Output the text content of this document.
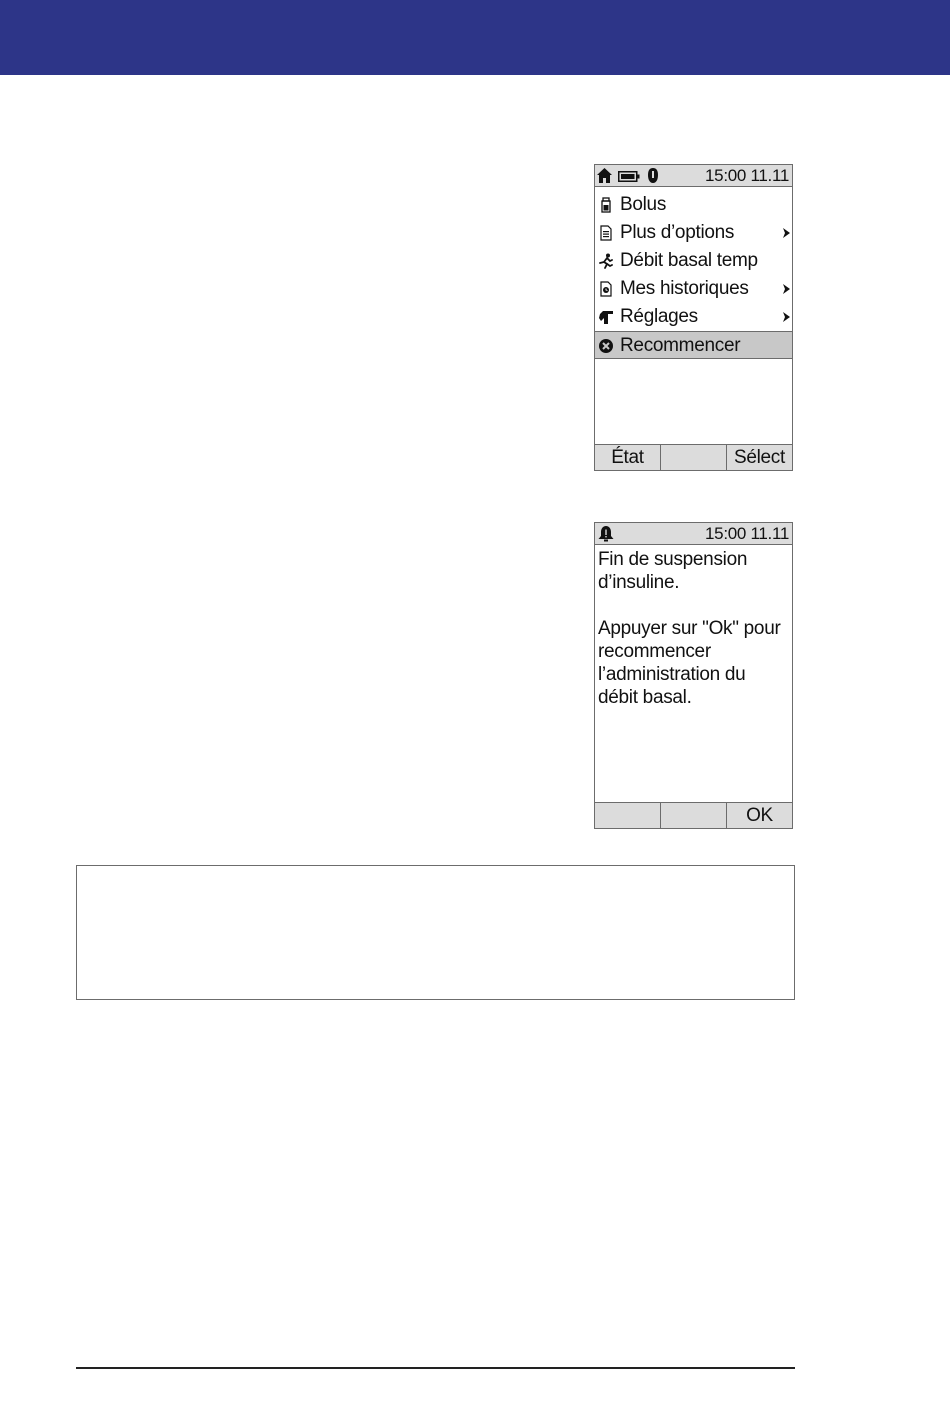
15:00 11.11
Bolus
Plus d’options
Débit basal temp
Mes historiques
Réglages
Recommencer
État	Sélect
15:00 11.11

Fin de suspension d’insuline.

Appuyer sur "Ok" pour recommencer l’administration du débit basal.

OK
